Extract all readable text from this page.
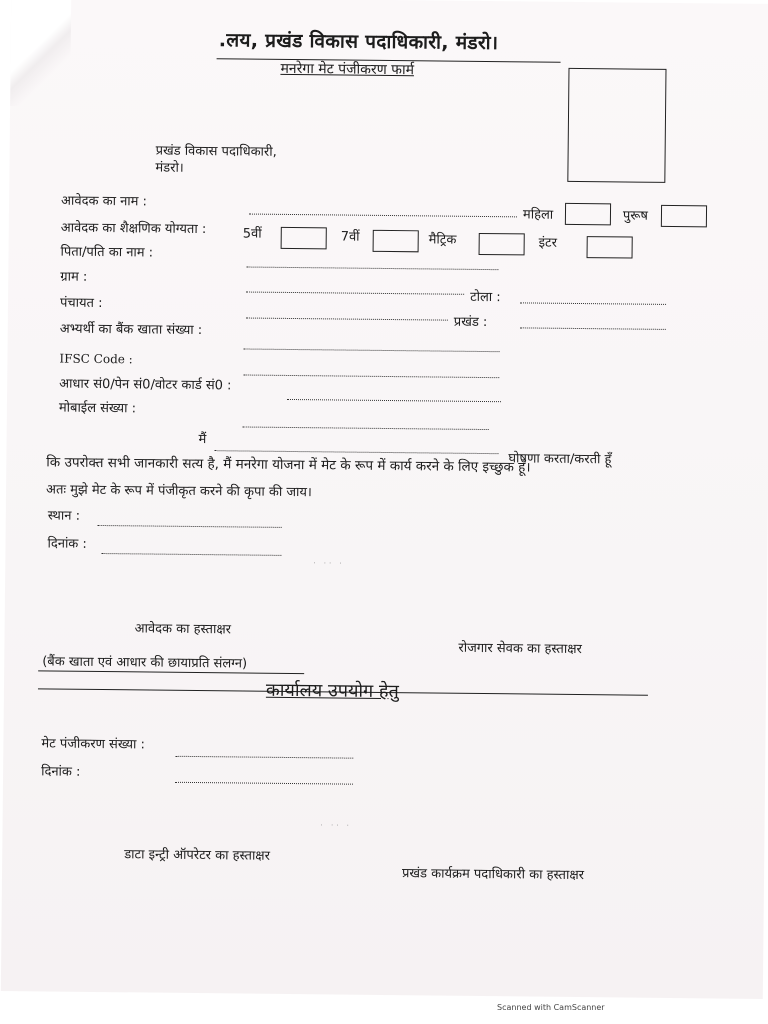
.लय, प्रखंड विकास पदाधिकारी, मंडरो।
मनरेगा मेट पंजीकरण फार्म
प्रखंड विकास पदाधिकारी,
मंडरो।
आवेदक का नाम :
महिला	पुरूष
आवेदक का शैक्षणिक योग्यता :	5वीं	7वीं	मैट्रिक	इंटर
पिता/पति का नाम :
ग्राम :
टोला :
पंचायत :
प्रखंड :
अभ्यर्थी का बैंक खाता संख्या :
IFSC Code :
आधार सं0/पेन सं0/वोटर कार्ड सं0 :
मोबाईल संख्या :
मैं
घोषणा करता/करती हूँ
कि उपरोक्त सभी जानकारी सत्य है, मैं मनरेगा योजना में मेट के रूप में कार्य करने के लिए इच्छुक हूँ।
अतः मुझे मेट के रूप में पंजीकृत करने की कृपा की जाय।
स्थान :
दिनांक :
· ·· ·
आवेदक का हस्ताक्षर
रोजगार सेवक का हस्ताक्षर
(बैंक खाता एवं आधार की छायाप्रति संलग्न)
कार्यालय उपयोग हेतु
मेट पंजीकरण संख्या :
दिनांक :
· ·· ·
डाटा इन्ट्री ऑपरेटर का हस्ताक्षर
प्रखंड कार्यक्रम पदाधिकारी का हस्ताक्षर
Scanned with CamScanner
